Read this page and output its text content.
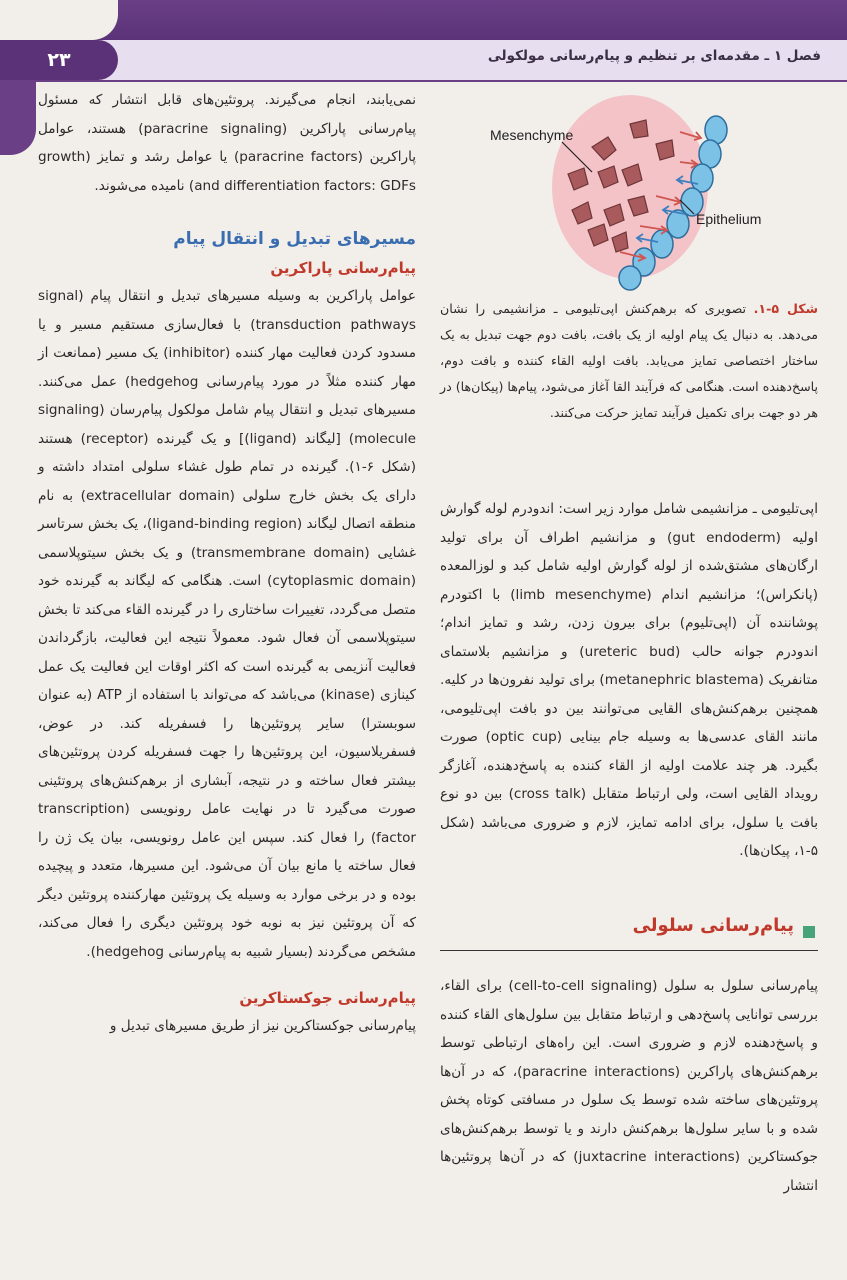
۲۳	فصل ۱ ـ مقدمه‌ای بر تنظیم و پیام‌رسانی مولکولی

نمی‌یابند، انجام می‌گیرند. پروتئین‌های قابل انتشار که مسئول پیام‌رسانی پاراکرین (paracrine signaling) هستند، عوامل پاراکرین (paracrine factors) یا عوامل رشد و تمایز (growth and differentiation factors: GDFs) نامیده می‌شوند.

مسیرهای تبدیل و انتقال پیام
پیام‌رسانی پاراکرین

عوامل پاراکرین به وسیله مسیرهای تبدیل و انتقال پیام (signal transduction pathways) با فعال‌سازی مستقیم مسیر و یا مسدود کردن فعالیت مهار کننده (inhibitor) یک مسیر (ممانعت از مهار کننده مثلاً در مورد پیام‌رسانی hedgehog) عمل می‌کنند. مسیرهای تبدیل و انتقال پیام شامل مولکول پیام‌رسان (signaling molecule) [لیگاند (ligand)] و یک گیرنده (receptor) هستند (شکل ۶-۱). گیرنده در تمام طول غشاء سلولی امتداد داشته و دارای یک بخش خارج سلولی (extracellular domain) به نام منطقه اتصال لیگاند (ligand-binding region)، یک بخش سرتاسر غشایی (transmembrane domain) و یک بخش سیتوپلاسمی (cytoplasmic domain) است. هنگامی که لیگاند به گیرنده خود متصل می‌گردد، تغییرات ساختاری را در گیرنده القاء می‌کند تا بخش سیتوپلاسمی آن فعال شود. معمولاً نتیجه این فعالیت، بازگرداندن فعالیت آنزیمی به گیرنده است که اکثر اوقات این فعالیت یک عمل کینازی (kinase) می‌باشد که می‌تواند با استفاده از ATP (به عنوان سوبسترا) سایر پروتئین‌ها را فسفریله کند. در عوض، فسفریلاسیون، این پروتئین‌ها را جهت فسفریله کردن پروتئین‌های بیشتر فعال ساخته و در نتیجه، آبشاری از برهم‌کنش‌های پروتئینی صورت می‌گیرد تا در نهایت عامل رونویسی (transcription factor) را فعال کند. سپس این عامل رونویسی، بیان یک ژن را فعال ساخته یا مانع بیان آن می‌شود. این مسیرها، متعدد و پیچیده بوده و در برخی موارد به وسیله یک پروتئین مهارکننده پروتئین دیگر که آن پروتئین نیز به نوبه خود پروتئین دیگری را فعال می‌کند، مشخص می‌گردند (بسیار شبیه به پیام‌رسانی hedgehog).

پیام‌رسانی جوکستاکرین

پیام‌رسانی جوکستاکرین نیز از طریق مسیرهای تبدیل و

Mesenchyme
Epithelium
شکل ۵-۱. تصویری که برهم‌کنش اپی‌تلیومی ـ مزانشیمی را نشان می‌دهد. به دنبال یک پیام اولیه از یک بافت، بافت دوم جهت تبدیل به یک ساختار اختصاصی تمایز می‌یابد. بافت اولیه القاء کننده و بافت دوم، پاسخ‌دهنده است. هنگامی که فرآیند القا آغاز می‌شود، پیام‌ها (پیکان‌ها) در هر دو جهت برای تکمیل فرآیند تمایز حرکت می‌کنند.

اپی‌تلیومی ـ مزانشیمی شامل موارد زیر است: اندودرم لوله گوارش اولیه (gut endoderm) و مزانشیم اطراف آن برای تولید ارگان‌های مشتق‌شده از لوله گوارش اولیه شامل کبد و لوزالمعده (پانکراس)؛ مزانشیم اندام (limb mesenchyme) با اکتودرم پوشاننده آن (اپی‌تلیوم) برای بیرون زدن، رشد و تمایز اندام؛ اندودرم جوانه حالب (ureteric bud) و مزانشیم بلاستمای متانفریک (metanephric blastema) برای تولید نفرون‌ها در کلیه. همچنین برهم‌کنش‌های القایی می‌توانند بین دو بافت اپی‌تلیومی، مانند القای عدسی‌ها به وسیله جام بینایی (optic cup) صورت بگیرد. هر چند علامت اولیه از القاء کننده به پاسخ‌دهنده، آغازگر رویداد القایی است، ولی ارتباط متقابل (cross talk) بین دو نوع بافت یا سلول، برای ادامه تمایز، لازم و ضروری می‌باشد (شکل ۵-۱، پیکان‌ها).

پیام‌رسانی سلولی

پیام‌رسانی سلول به سلول (cell-to-cell signaling) برای القاء، بررسی توانایی پاسخ‌دهی و ارتباط متقابل بین سلول‌های القاء کننده و پاسخ‌دهنده لازم و ضروری است. این راه‌های ارتباطی توسط برهم‌کنش‌های پاراکرین (paracrine interactions)، که در آن‌ها پروتئین‌های ساخته شده توسط یک سلول در مسافتی کوتاه پخش شده و با سایر سلول‌ها برهم‌کنش دارند و یا توسط برهم‌کنش‌های جوکستاکرین (juxtacrine interactions) که در آن‌ها پروتئین‌ها انتشار
